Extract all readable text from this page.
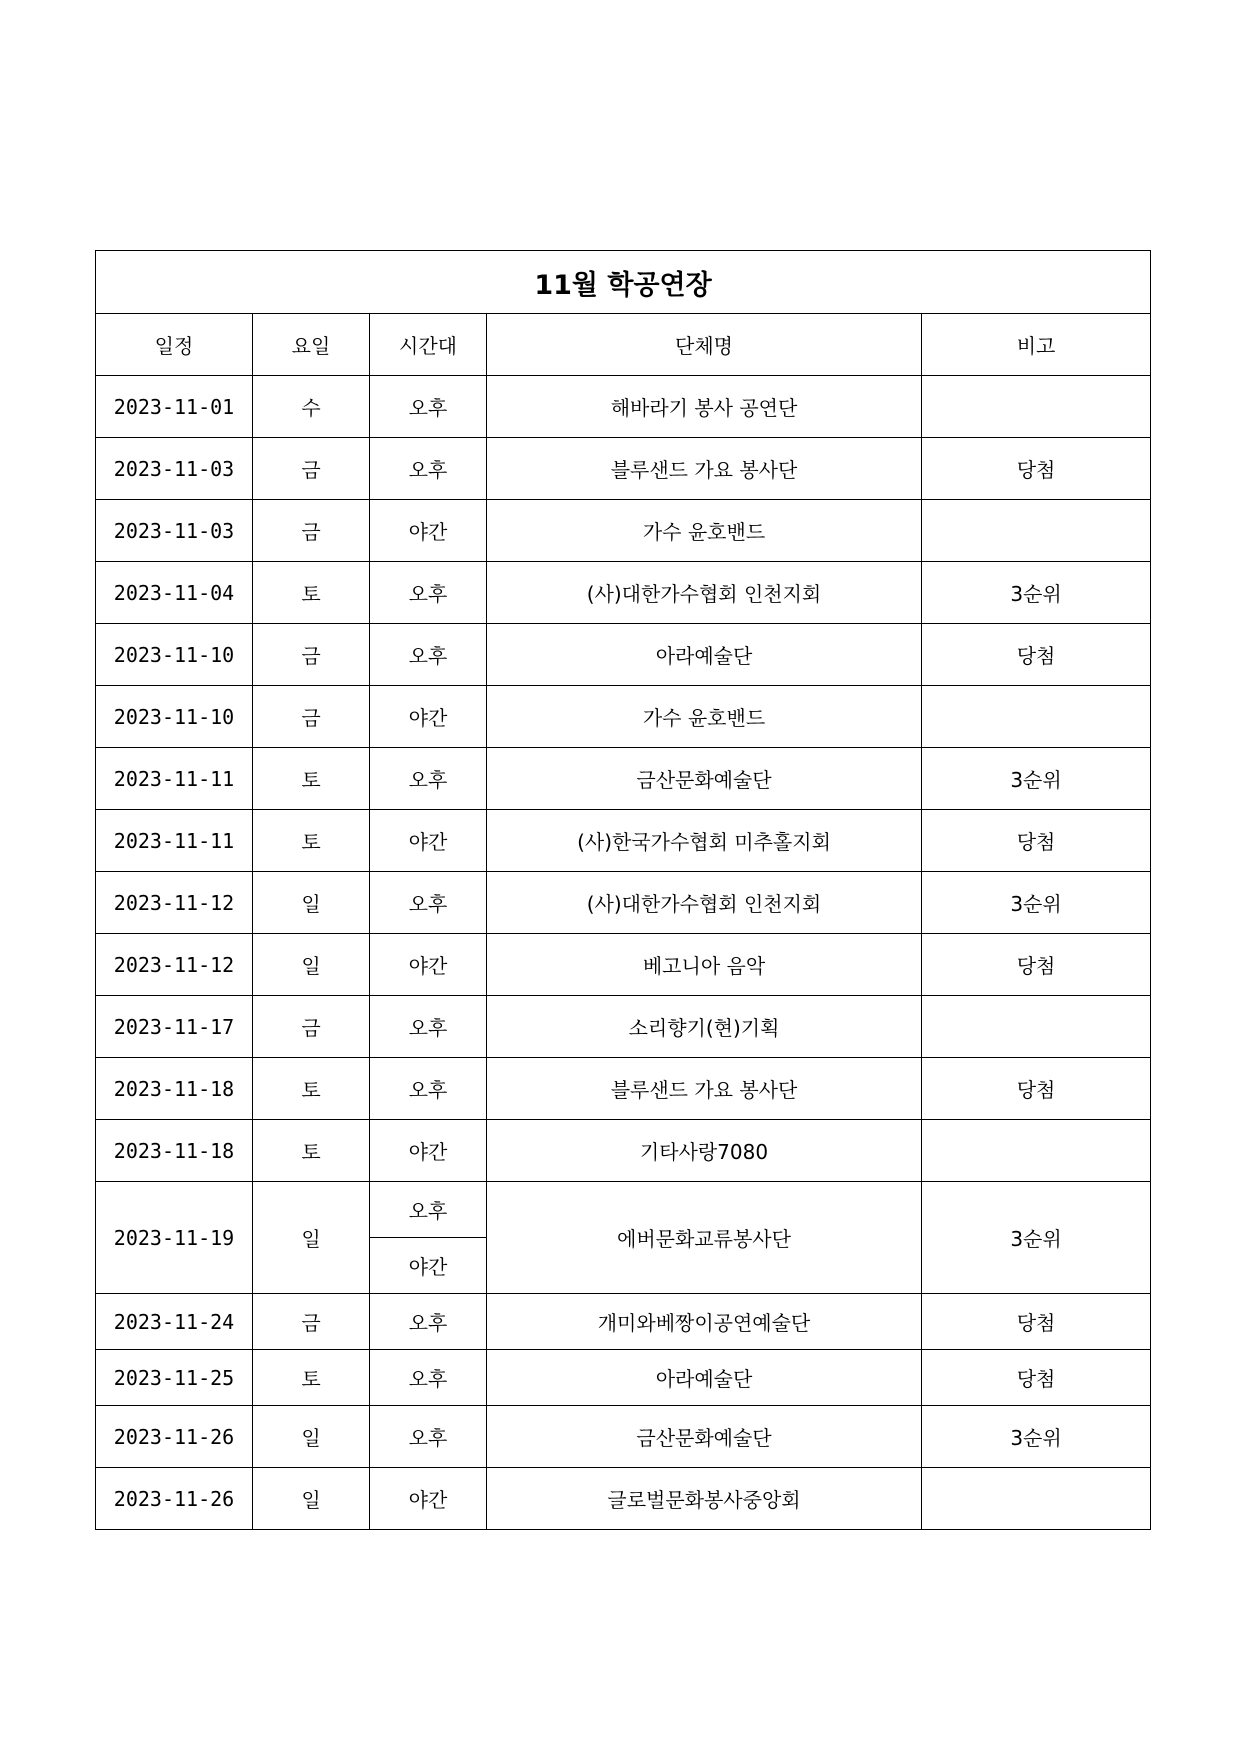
11월 학공연장				
일정	요일	시간대	단체명	비고
2023-11-01	수	오후	해바라기 봉사 공연단	
2023-11-03	금	오후	블루샌드 가요 봉사단	당첨
2023-11-03	금	야간	가수 윤호밴드	
2023-11-04	토	오후	(사)대한가수협회 인천지회	3순위
2023-11-10	금	오후	아라예술단	당첨
2023-11-10	금	야간	가수 윤호밴드	
2023-11-11	토	오후	금산문화예술단	3순위
2023-11-11	토	야간	(사)한국가수협회 미추홀지회	당첨
2023-11-12	일	오후	(사)대한가수협회 인천지회	3순위
2023-11-12	일	야간	베고니아 음악	당첨
2023-11-17	금	오후	소리향기(현)기획	
2023-11-18	토	오후	블루샌드 가요 봉사단	당첨
2023-11-18	토	야간	기타사랑7080	
2023-11-19	일	오후	에버문화교류봉사단	3순위
		야간		
2023-11-24	금	오후	개미와베짱이공연예술단	당첨
2023-11-25	토	오후	아라예술단	당첨
2023-11-26	일	오후	금산문화예술단	3순위
2023-11-26	일	야간	글로벌문화봉사중앙회	
